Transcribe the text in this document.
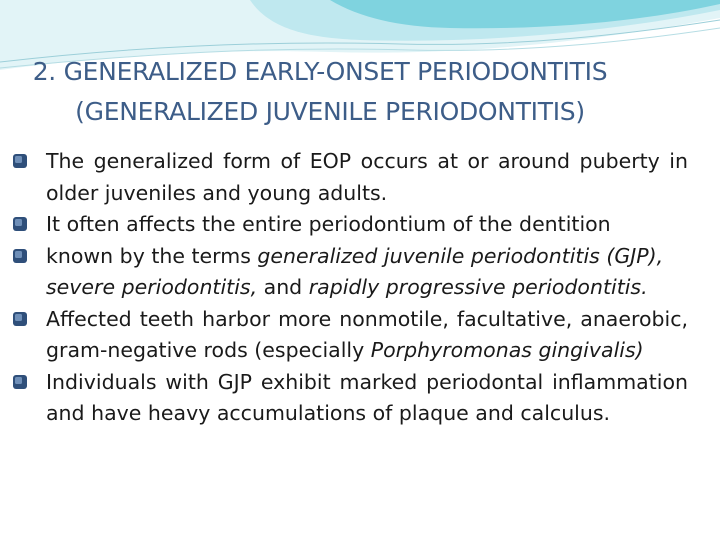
2. GENERALIZED EARLY-ONSET PERIODONTITIS
(GENERALIZED JUVENILE PERIODONTITIS)

The generalized form of EOP occurs at or around puberty in older juveniles and young adults.

It often affects the entire periodontium of the dentition

known by the terms generalized juvenile periodontitis (GJP), severe periodontitis, and rapidly progressive periodontitis.

Affected teeth harbor more nonmotile, facultative, anaerobic, gram-negative rods (especially Porphyromonas gingivalis)

Individuals with GJP exhibit marked periodontal inflammation and have heavy accumulations of plaque and calculus.
